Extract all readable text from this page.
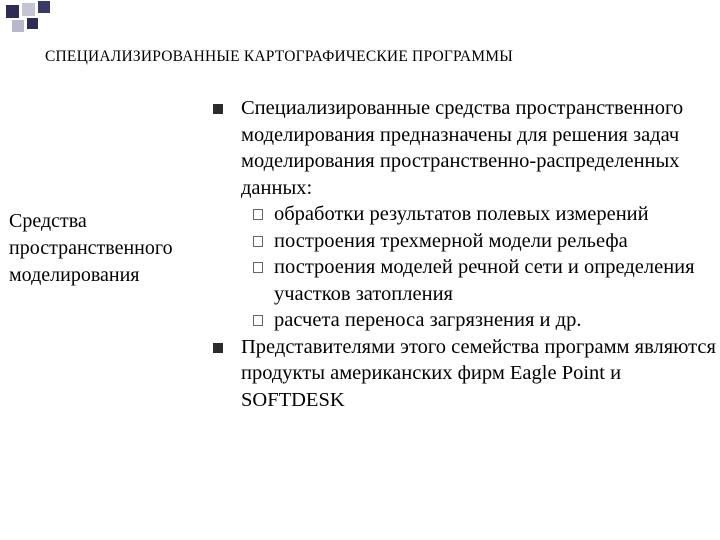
СПЕЦИАЛИЗИРОВАННЫЕ КАРТОГРАФИЧЕСКИЕ ПРОГРАММЫ
Средства пространственного моделирования
Специализированные средства пространственного моделирования предназначены для решения задач моделирования пространственно-распределенных данных:
обработки результатов полевых измерений
построения трехмерной модели рельефа
построения моделей речной сети и определения участков затопления
расчета переноса загрязнения и др.
Представителями этого семейства программ являются продукты американских фирм Eagle Point и SOFTDESK
